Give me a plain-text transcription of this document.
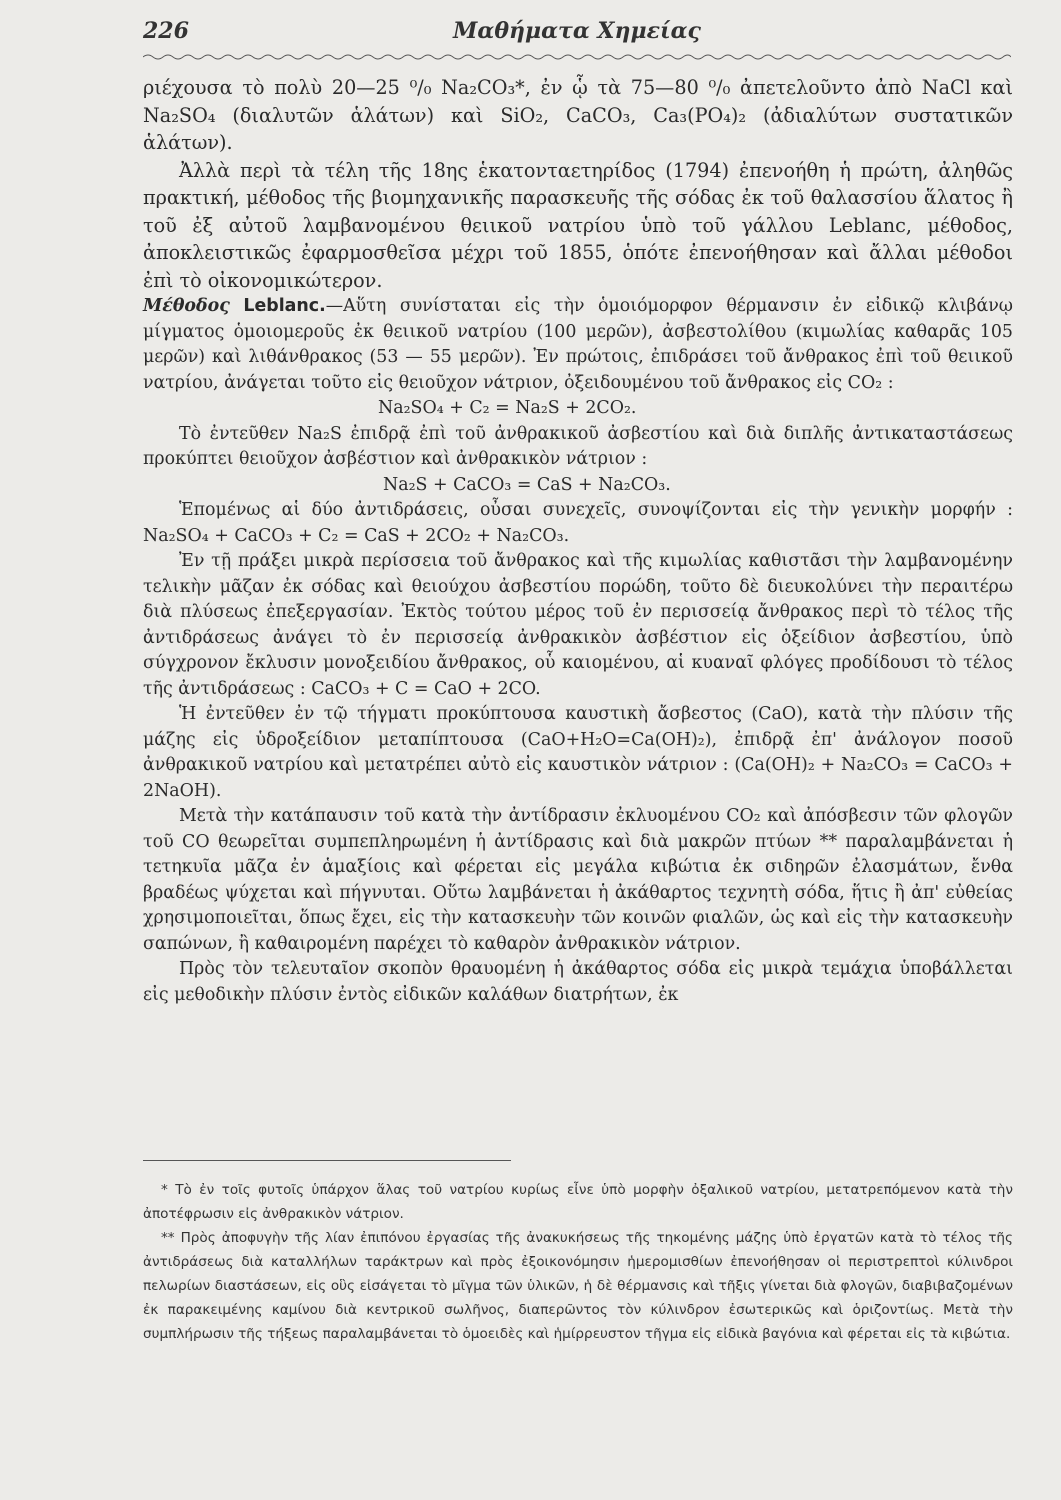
226	Μαθήματα Χημείας

ριέχουσα τὸ πολὺ 20—25 ⁰/₀ Na₂CO₃*, ἐν ᾧ τὰ 75—80 ⁰/₀ ἀπετελοῦντο ἀπὸ NaCl καὶ Na₂SO₄ (διαλυτῶν ἁλάτων) καὶ SiO₂, CaCO₃, Ca₃(PO₄)₂ (ἀδιαλύτων συστατικῶν ἁλάτων).

Ἀλλὰ περὶ τὰ τέλη τῆς 18ης ἑκατονταετηρίδος (1794) ἐπενοήθη ἡ πρώτη, ἀληθῶς πρακτική, μέθοδος τῆς βιομηχανικῆς παρασκευῆς τῆς σόδας ἐκ τοῦ θαλασσίου ἅλατος ἢ τοῦ ἐξ αὐτοῦ λαμβανομένου θειικοῦ νατρίου ὑπὸ τοῦ γάλλου Leblanc, μέθοδος, ἀποκλειστικῶς ἐφαρμοσθεῖσα μέχρι τοῦ 1855, ὁπότε ἐπενοήθησαν καὶ ἄλλαι μέθοδοι ἐπὶ τὸ οἰκονομικώτερον.

Μέθοδος Leblanc.—Αὕτη συνίσταται εἰς τὴν ὁμοιόμορφον θέρμανσιν ἐν εἰδικῷ κλιβάνῳ μίγματος ὁμοιομεροῦς ἐκ θειικοῦ νατρίου (100 μερῶν), ἀσβεστολίθου (κιμωλίας καθαρᾶς 105 μερῶν) καὶ λιθάνθρακος (53 — 55 μερῶν). Ἐν πρώτοις, ἐπιδράσει τοῦ ἄνθρακος ἐπὶ τοῦ θειικοῦ νατρίου, ἀνάγεται τοῦτο εἰς θειοῦχον νάτριον, ὀξειδουμένου τοῦ ἄνθρακος εἰς CO₂ :

Na₂SO₄ + C₂ = Na₂S + 2CO₂.

Τὸ ἐντεῦθεν Na₂S ἐπιδρᾷ ἐπὶ τοῦ ἀνθρακικοῦ ἀσβεστίου καὶ διὰ διπλῆς ἀντικαταστάσεως προκύπτει θειοῦχον ἀσβέστιον καὶ ἀνθρακικὸν νάτριον :

Na₂S + CaCO₃ = CaS + Na₂CO₃.

Ἑπομένως αἱ δύο ἀντιδράσεις, οὖσαι συνεχεῖς, συνοψίζονται εἰς τὴν γενικὴν μορφήν : Na₂SO₄ + CaCO₃ + C₂ = CaS + 2CO₂ + Na₂CO₃.

Ἐν τῇ πράξει μικρὰ περίσσεια τοῦ ἄνθρακος καὶ τῆς κιμωλίας καθιστᾶσι τὴν λαμβανομένην τελικὴν μᾶζαν ἐκ σόδας καὶ θειούχου ἀσβεστίου πορώδη, τοῦτο δὲ διευκολύνει τὴν περαιτέρω διὰ πλύσεως ἐπεξεργασίαν. Ἐκτὸς τούτου μέρος τοῦ ἐν περισσείᾳ ἄνθρακος περὶ τὸ τέλος τῆς ἀντιδράσεως ἀνάγει τὸ ἐν περισσείᾳ ἀνθρακικὸν ἀσβέστιον εἰς ὀξείδιον ἀσβεστίου, ὑπὸ σύγχρονον ἔκλυσιν μονοξειδίου ἄνθρακος, οὗ καιομένου, αἱ κυαναῖ φλόγες προδίδουσι τὸ τέλος τῆς ἀντιδράσεως : CaCO₃ + C = CaO + 2CO.

Ἡ ἐντεῦθεν ἐν τῷ τήγματι προκύπτουσα καυστικὴ ἄσβεστος (CaO), κατὰ τὴν πλύσιν τῆς μάζης εἰς ὑδροξείδιον μεταπίπτουσα (CaO+H₂O=Ca(OH)₂), ἐπιδρᾷ ἐπ' ἀνάλογον ποσοῦ ἀνθρακικοῦ νατρίου καὶ μετατρέπει αὐτὸ εἰς καυστικὸν νάτριον : (Ca(OH)₂ + Na₂CO₃ = CaCO₃ + 2NaOH).

Μετὰ τὴν κατάπαυσιν τοῦ κατὰ τὴν ἀντίδρασιν ἐκλυομένου CO₂ καὶ ἀπόσβεσιν τῶν φλογῶν τοῦ CO θεωρεῖται συμπεπληρωμένη ἡ ἀντίδρασις καὶ διὰ μακρῶν πτύων ** παραλαμβάνεται ἡ τετηκυῖα μᾶζα ἐν ἁμαξίοις καὶ φέρεται εἰς μεγάλα κιβώτια ἐκ σιδηρῶν ἐλασμάτων, ἔνθα βραδέως ψύχεται καὶ πήγνυται. Οὕτω λαμβάνεται ἡ ἀκάθαρτος τεχνητὴ σόδα, ἥτις ἢ ἀπ' εὐθείας χρησιμοποιεῖται, ὅπως ἔχει, εἰς τὴν κατασκευὴν τῶν κοινῶν φιαλῶν, ὡς καὶ εἰς τὴν κατασκευὴν σαπώνων, ἢ καθαιρομένη παρέχει τὸ καθαρὸν ἀνθρακικὸν νάτριον.

Πρὸς τὸν τελευταῖον σκοπὸν θραυομένη ἡ ἀκάθαρτος σόδα εἰς μικρὰ τεμάχια ὑποβάλλεται εἰς μεθοδικὴν πλύσιν ἐντὸς εἰδικῶν καλάθων διατρήτων, ἐκ

* Τὸ ἐν τοῖς φυτοῖς ὑπάρχον ἅλας τοῦ νατρίου κυρίως εἶνε ὑπὸ μορφὴν ὀξαλικοῦ νατρίου, μετατρεπόμενον κατὰ τὴν ἀποτέφρωσιν εἰς ἀνθρακικὸν νάτριον.

** Πρὸς ἀποφυγὴν τῆς λίαν ἐπιπόνου ἐργασίας τῆς ἀνακυκήσεως τῆς τηκομένης μάζης ὑπὸ ἐργατῶν κατὰ τὸ τέλος τῆς ἀντιδράσεως διὰ καταλλήλων ταράκτρων καὶ πρὸς ἐξοικονόμησιν ἡμερομισθίων ἐπενοήθησαν οἱ περιστρεπτοὶ κύλινδροι πελωρίων διαστάσεων, εἰς οὓς εἰσάγεται τὸ μῖγμα τῶν ὑλικῶν, ἡ δὲ θέρμανσις καὶ τῆξις γίνεται διὰ φλογῶν, διαβιβαζομένων ἐκ παρακειμένης καμίνου διὰ κεντρικοῦ σωλῆνος, διαπερῶντος τὸν κύλινδρον ἐσωτερικῶς καὶ ὁριζοντίως. Μετὰ τὴν συμπλήρωσιν τῆς τήξεως παραλαμβάνεται τὸ ὁμοειδὲς καὶ ἡμίρρευστον τῆγμα εἰς εἰδικὰ βαγόνια καὶ φέρεται εἰς τὰ κιβώτια.
